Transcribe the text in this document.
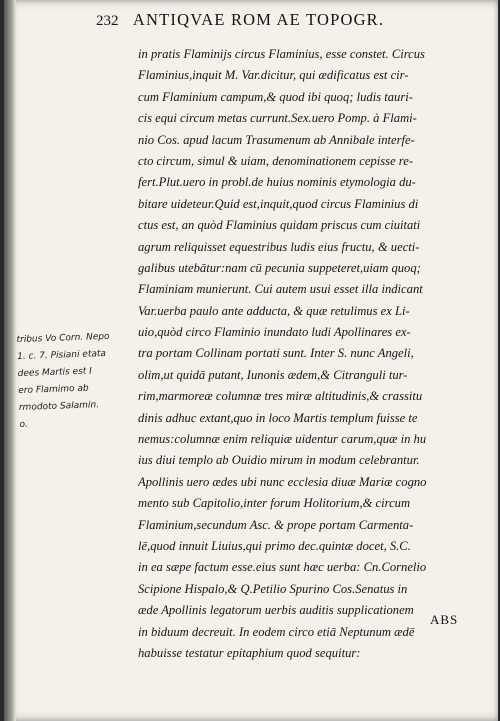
232 ANTIQVAE ROM AE TOPOGR.
tribus Vo Corn. Nepo
1. c. 7. Pisiani etata
dees Martis est I
ero Flamimo ab
rmodoto Salamin.
o.
in pratis Flaminijs circus Flaminius, esse constet. Circus
Flaminius,inquit M. Var.dicitur, qui ædificatus est cir-
cum Flaminium campum,& quod ibi quoq; ludis tauri-
cis equi circum metas currunt.Sex.uero Pomp. à Flami-
nio Cos. apud lacum Trasumenum ab Annibale interfe-
cto circum, simul & uiam, denominationem cepisse re-
fert.Plut.uero in probl.de huius nominis etymologia du-
bitare uideteur.Quid est,inquit,quod circus Flaminius di
ctus est, an quòd Flaminius quidam priscus cum ciuitati
agrum reliquisset equestribus ludis eius fructu, & uecti-
galibus utebātur:nam cū pecunia suppeteret,uiam quoq;
Flaminiam munierunt. Cui autem usui esset illa indicant
Var.uerba paulo ante adducta, & quæ retulimus ex Li-
uio,quòd circo Flaminio inundato ludi Apollinares ex-
tra portam Collinam portati sunt. Inter S. nunc Angeli,
olim,ut quidā putant, Iunonis ædem,& Citranguli tur-
rim,marmoreæ columnæ tres miræ altitudinis,& crassitu
dinis adhuc extant,quo in loco Martis templum fuisse te
nemus:columnæ enim reliquiæ uidentur carum,quæ in hu
ius diui templo ab Ouidio mirum in modum celebrantur.
Apollinis uero ædes ubi nunc ecclesia diuæ Mariæ cogno
mento sub Capitolio,inter forum Holitorium,& circum
Flaminium,secundum Asc. & prope portam Carmenta-
lē,quod innuit Liuius,qui primo dec.quintæ docet, S.C.
in ea sæpe factum esse.eius sunt hæc uerba: Cn.Cornelio
Scipione Hispalo,& Q.Petilio Spurino Cos.Senatus in
æde Apollinis legatorum uerbis auditis supplicationem
in biduum decreuit. In eodem circo etiā Neptunum ædē
habuisse testatur epitaphium quod sequitur:
ABS
